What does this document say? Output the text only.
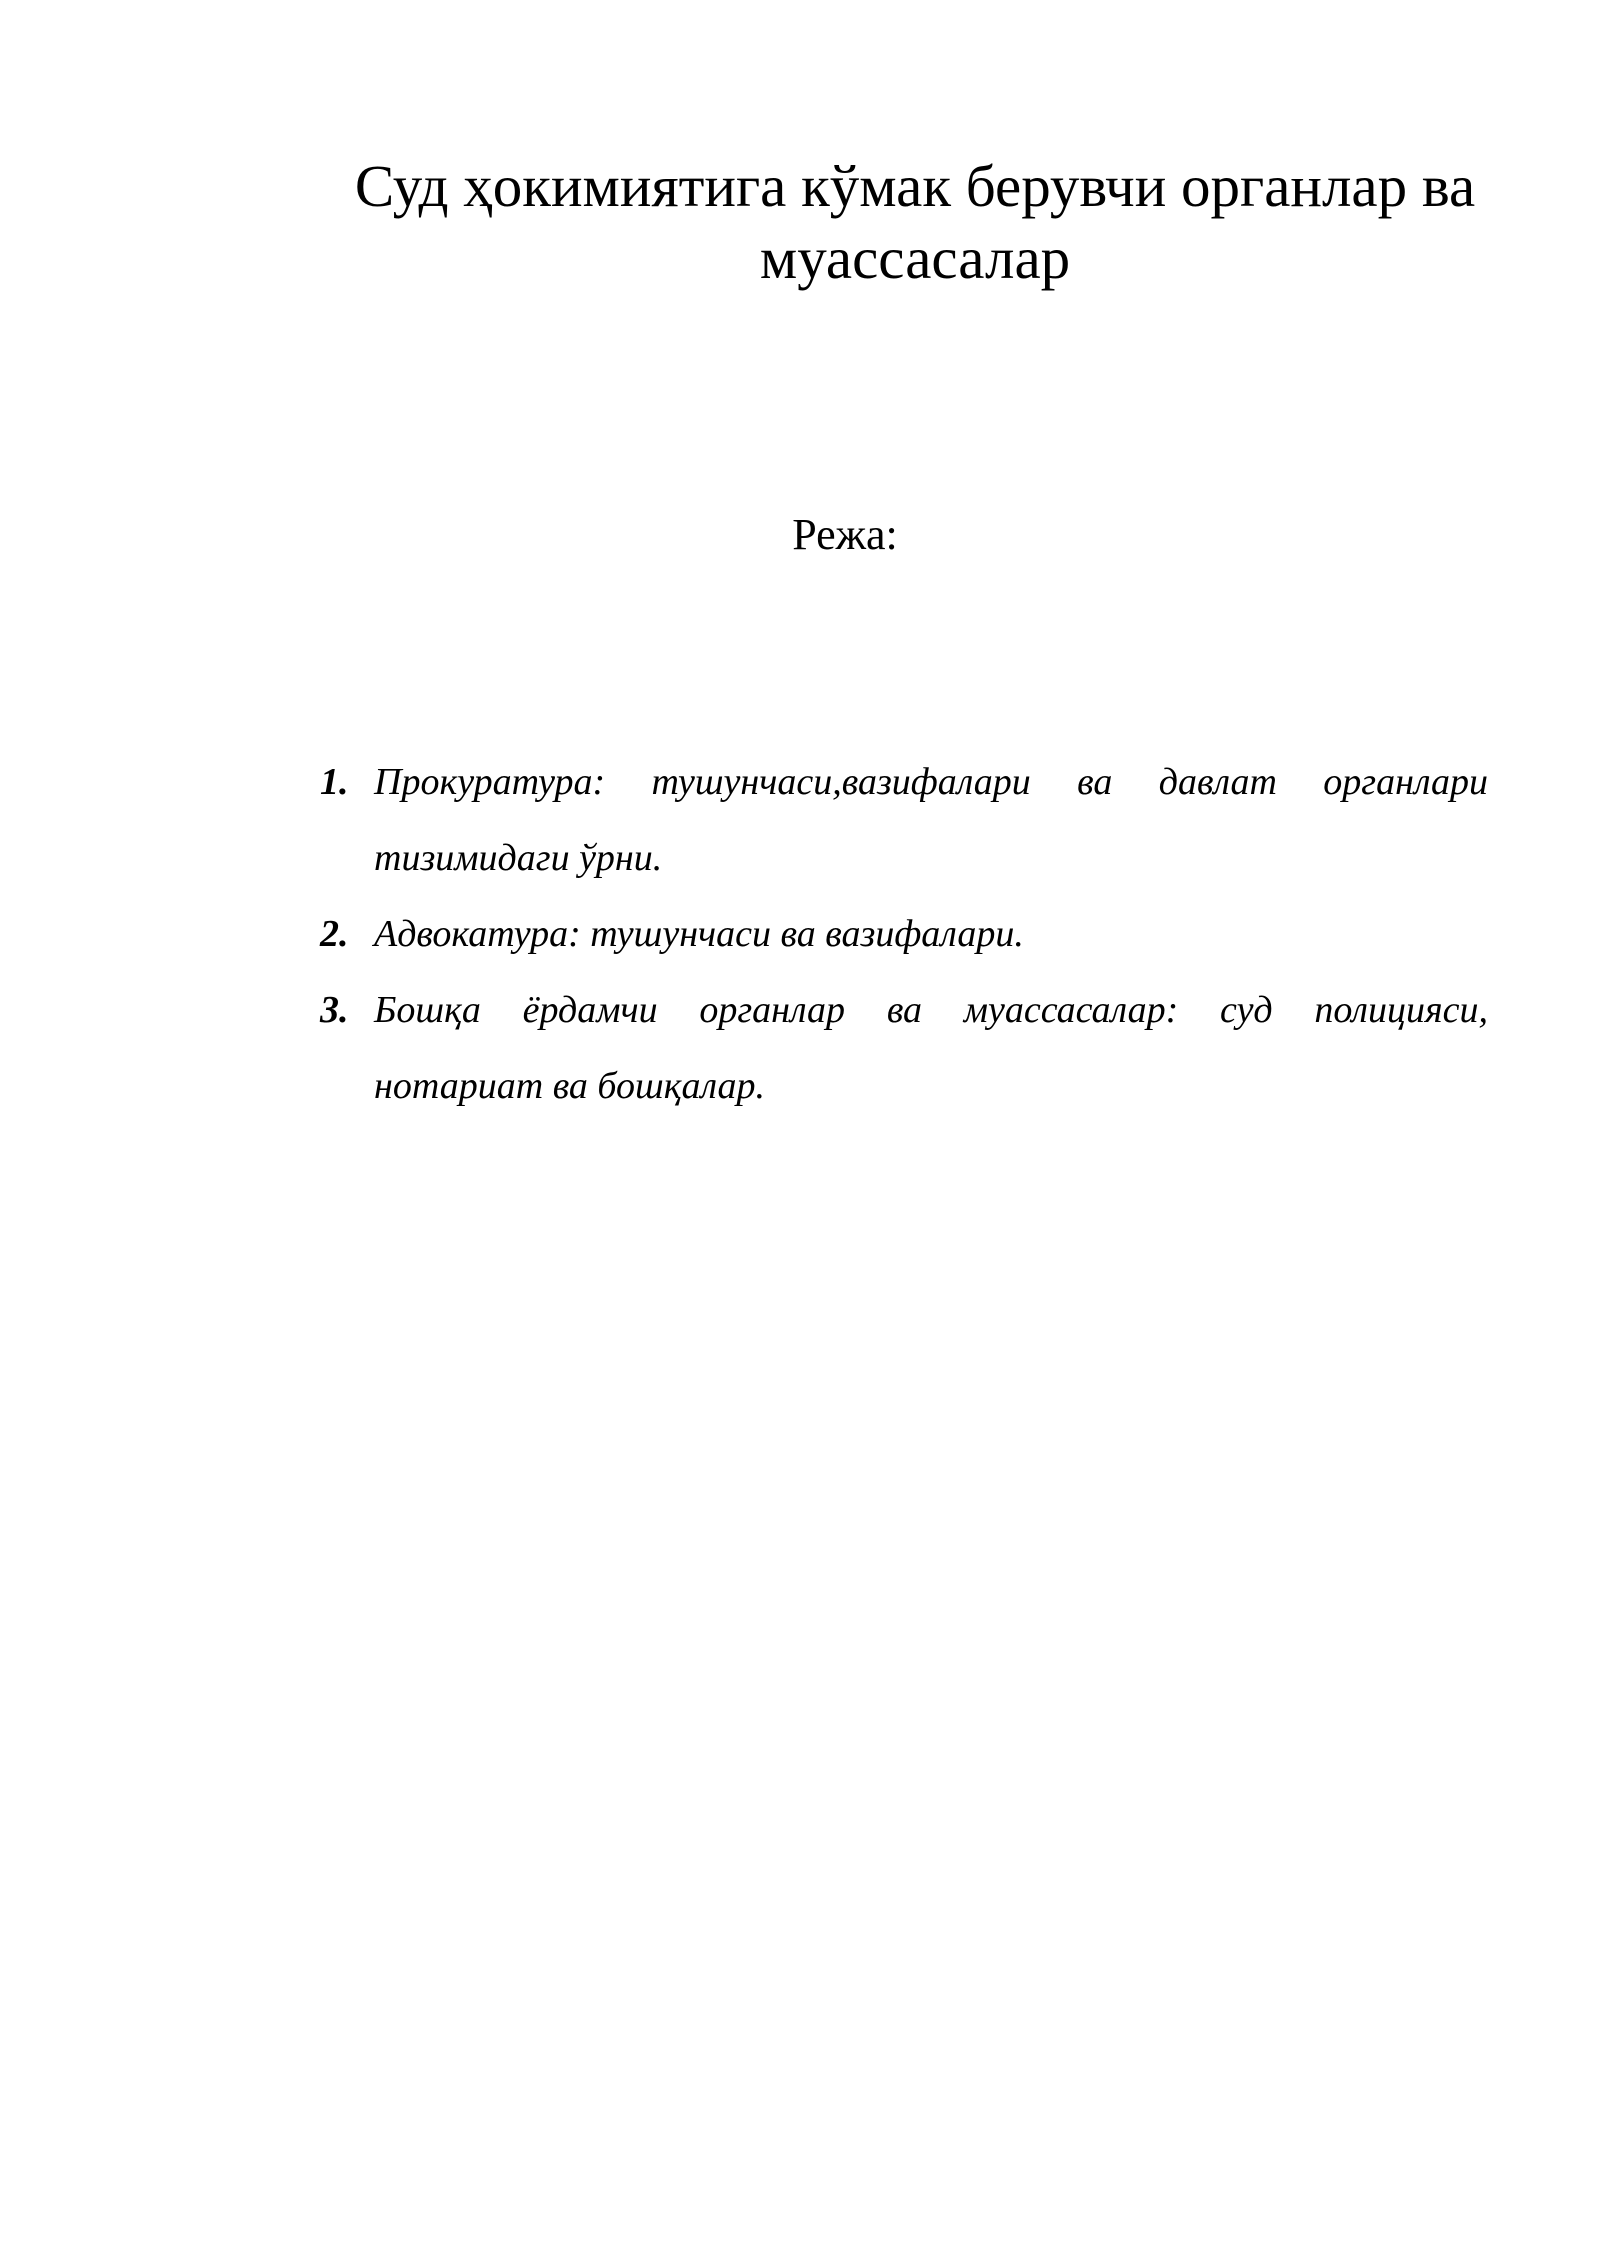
Суд ҳокимиятига кўмак берувчи органлар ва
муассасалар
Режа:
1. Прокуратура: тушунчаси,вазифалари ва давлат органлари
тизимидаги ўрни.
2. Адвокатура: тушунчаси ва вазифалари.
3. Бошқа ёрдамчи органлар ва муассасалар: суд полицияси,
нотариат ва бошқалар.
